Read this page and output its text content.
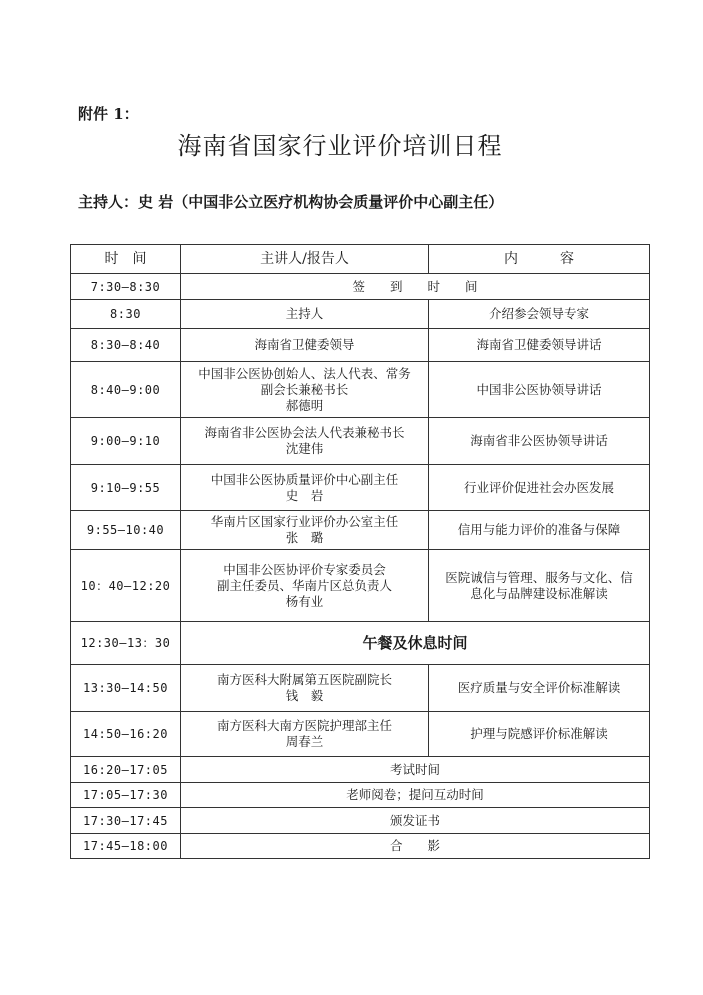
附件 1：
海南省国家行业评价培训日程
主持人：史 岩（中国非公立医疗机构协会质量评价中心副主任）
时　间	主讲人/报告人	内　　　容
7:30—8:30	签　　到　　时　　间	
8:30	主持人	介绍参会领导专家

8:30—8:40	海南省卫健委领导	海南省卫健委领导讲话

8:40—9:00	中国非公医协创始人、法人代表、常务
副会长兼秘书长
郝德明	中国非公医协领导讲话

9:00—9:10	海南省非公医协会法人代表兼秘书长
沈建伟	海南省非公医协领导讲话

9:10—9:55	中国非公医协质量评价中心副主任
史　岩	行业评价促进社会办医发展

9:55—10:40	华南片区国家行业评价办公室主任
张　璐	信用与能力评价的准备与保障

10：40—12:20	中国非公医协评价专家委员会
副主任委员、华南片区总负责人
杨有业	医院诚信与管理、服务与文化、信
息化与品牌建设标准解读

12:30—13：30	午餐及休息时间	
13:30—14:50	南方医科大附属第五医院副院长
钱　毅	医疗质量与安全评价标准解读

14:50—16:20	南方医科大南方医院护理部主任
周春兰	护理与院感评价标准解读

16:20—17:05	考试时间	
17:05—17:30	老师阅卷；提问互动时间	
17:30—17:45	颁发证书	
17:45—18:00	合　　影	
